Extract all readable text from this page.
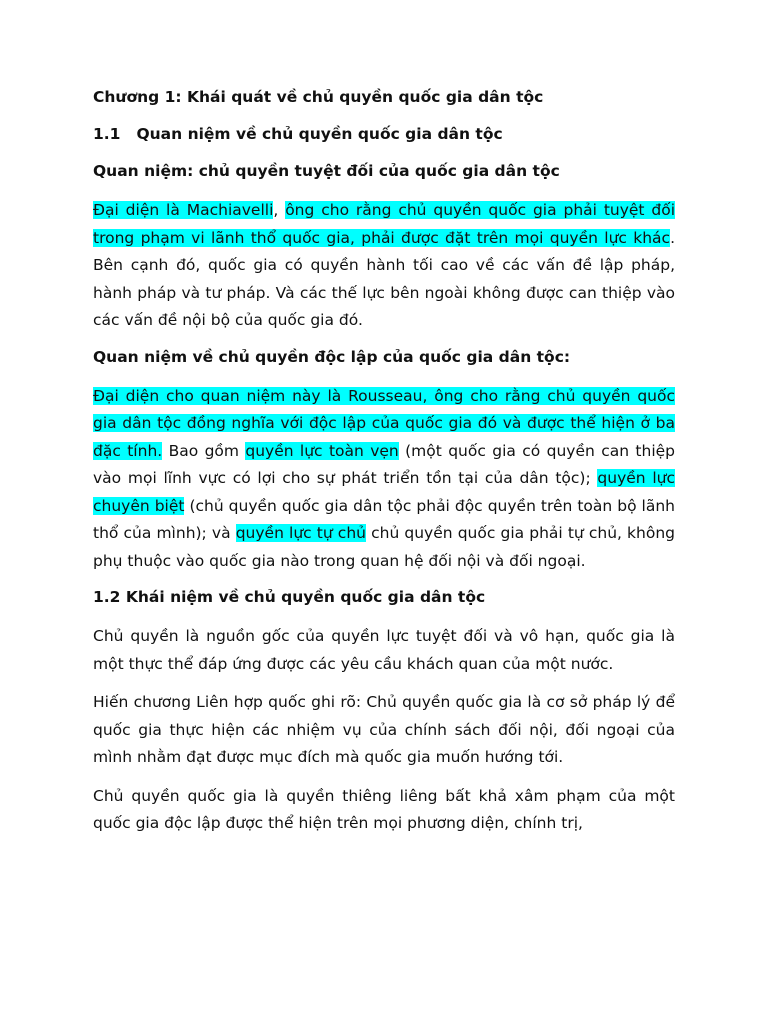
Chương 1: Khái quát về chủ quyền quốc gia dân tộc
1.1 Quan niệm về chủ quyền quốc gia dân tộc
Quan niệm: chủ quyền tuyệt đối của quốc gia dân tộc
Đại diện là Machiavelli, ông cho rằng chủ quyền quốc gia phải tuyệt đối trong phạm vi lãnh thổ quốc gia, phải được đặt trên mọi quyền lực khác. Bên cạnh đó, quốc gia có quyền hành tối cao về các vấn đề lập pháp, hành pháp và tư pháp. Và các thế lực bên ngoài không được can thiệp vào các vấn đề nội bộ của quốc gia đó.
Quan niệm về chủ quyền độc lập của quốc gia dân tộc:
Đại diện cho quan niệm này là Rousseau, ông cho rằng chủ quyền quốc gia dân tộc đồng nghĩa với độc lập của quốc gia đó và được thể hiện ở ba đặc tính. Bao gồm quyền lực toàn vẹn (một quốc gia có quyền can thiệp vào mọi lĩnh vực có lợi cho sự phát triển tồn tại của dân tộc); quyền lực chuyên biệt (chủ quyền quốc gia dân tộc phải độc quyền trên toàn bộ lãnh thổ của mình); và quyền lực tự chủ chủ quyền quốc gia phải tự chủ, không phụ thuộc vào quốc gia nào trong quan hệ đối nội và đối ngoại.
1.2 Khái niệm về chủ quyền quốc gia dân tộc
Chủ quyền là nguồn gốc của quyền lực tuyệt đối và vô hạn, quốc gia là một thực thể đáp ứng được các yêu cầu khách quan của một nước.
Hiến chương Liên hợp quốc ghi rõ: Chủ quyền quốc gia là cơ sở pháp lý để quốc gia thực hiện các nhiệm vụ của chính sách đối nội, đối ngoại của mình nhằm đạt được mục đích mà quốc gia muốn hướng tới.
Chủ quyền quốc gia là quyền thiêng liêng bất khả xâm phạm của một quốc gia độc lập được thể hiện trên mọi phương diện, chính trị,
